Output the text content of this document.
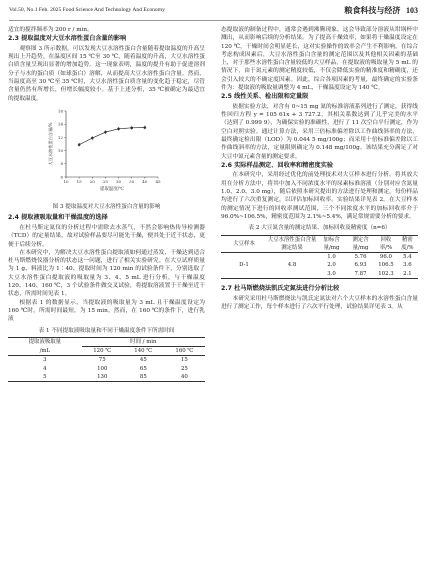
Vol.50, No.1 Feb. 2025 Food Science And Technology And Economy	粮食科技与经济 103

适宜的搅拌频率为 200 r / min。

2.3 提取温度对大豆水溶性蛋白含量的影响

观察图 3 所示数据，可以发现大豆水溶性蛋白含量随着提取温度的升高呈现出上升趋势。在温度区间 15 ℃至 30 ℃，随着温度的升高，大豆水溶性蛋白质含量呈现出显著的增加趋势。这一现象表明，温度的提升有助于促进溶剂分子与水的蛋白质（如球蛋白）溶解，从而提高大豆水溶性蛋白含量。然而，当温度高至 30 ℃至 35 ℃时，大豆水溶性蛋白质含量的变化趋于稳定，尽管含量仍然有所增长，但增长幅度较小。基于上述分析，35 ℃被确定为最适宜的提取温度。

10 15 20 25 30 35 40 45
6
8
10
12
14
16
提取温度/℃
大豆水溶性蛋白含量/%
图 3 提取温度对大豆水溶性蛋白含量的影响
2.4 提取液吸取量和干燥温度的选择

在杜马斯定氮仪的分析过程中需除去水蒸气，不然会影响热传导检测器（TCD）的定量结果，故对试验样品要尽可能先干燥，便其处于近干状态，更便于后续分析。

在本研究中，为解决大豆水溶性蛋白提取液如何通过蒸发、干燥达到适合杜马斯燃烧仪器分析的状态这一问题，进行了相关实验研究。在大豆试样质量为 1 g、料液比为 1∶40、提取时间为 120 min 的试验条件下，分别选取了大豆水溶性蛋白提取液的吸取量为 3、4、5 mL 进行分析，与干燥温度 120、140、160 ℃，3 个试验条件做交叉试验，将提取溶液置于干燥至近干状态，所需时间见表 1。

根据表 1 的数据显示，当提取液的吸取量为 3 mL 且干燥温度设定为 160 ℃时，所需时间最短，为 15 min。然而，在 160 ℃的条件下，进行乳液

表 1 不同提取液吸取量和不同干燥温度条件下所需时间
提取液吸取量	时间 / min		
/mL	120 ℃	140 ℃	160 ℃
3	75	45	15
4	100	65	25
5	130	85	40

态提取液的制备过程中，通常会遇到沸腾现象，这会导致部分溶液从坩埚杯中溅出，从而影响后续的分析结果。为了提高干燥效率，如果将干燥温度设定在 120 ℃，干燥时间会明显延长，这对实验操作的效率会产生不利影响。在综合考虑构成因素后，大豆水溶性蛋白含量的测定范围以及其他相关因素的基础上，对于那些水溶性蛋白含量较低的大豆样品，在提取液的吸取量为 5 mL 的情况下，由于氮元素的测定精度较低，不仅会降低实验的精准度和精确度，还会引入较大的不确定度因素。因此，综合各项因素的考量，最终确定的实验条件为：提取液的吸取量调整为 4 mL，干燥温度设定为 140 ℃。

2.5 线性关系、检出限和定量限

依据实验方法，对含有 0~15 mg 氮的标准溶液系列进行了测定，获得线性回归方程 y = 105 61x + 3 727.2，其相关系数达到了几乎完美的水平（达到了 0.999 9），为确保实验的准确性，进行了 11 次空白平行测定，作为空白对照实验。通过计算方法，采用三倍标准偏差除以工作曲线斜率的方法，最终确定检出限（LOD）为 0.044 5 mg/100g；而采用十倍标准偏差除以工作曲线斜率的方法，定量限则确定为 0.148 mg/100g。该结果充分满足了对大豆中氮元素含量的测定要求。

2.6 实际样品测定、回收率和精密度实验

在本研究中，采用经过优化的前处理技术对大豆样本进行分析。将其放大用在分析方法中，将其中加入不同浓度水平的尿素标准溶液（分别对应含氮量 1.0、2.0、3.0 mg），随后依照本研究提出的方法进行处理和测定。每份样品均进行了六次重复测定，以评估加标回收率。实验结果详见表 2。在大豆样本的测定情况下进行的回收率测试范围，三个不同浓度水平的加标回收率介于 96.0%~106.5%，精密度范围为 2.1%~5.4%，满足常规需要分析的要求。

表 2 大豆氮含量的测定结果、加标回收及精密度（n=6）
大豆样本	大豆水溶性蛋白含量测定结果	加标含量/mg	测定含量/mg	回收率/%	精密度/%
D-1	4.8	1.0	5.76	96.0	5.4
		2.0	6.93	106.5	3.6
		3.0	7.87	102.3	2.1
2.7 杜马斯燃烧法凯氏定氮法进行分析比较

本研究采用杜马斯燃烧法与凯氏定氮法对六个大豆样本的水溶性蛋白含量进行了测定工作，每个样本进行了六次平行处理，试验结果详见表 3。从
